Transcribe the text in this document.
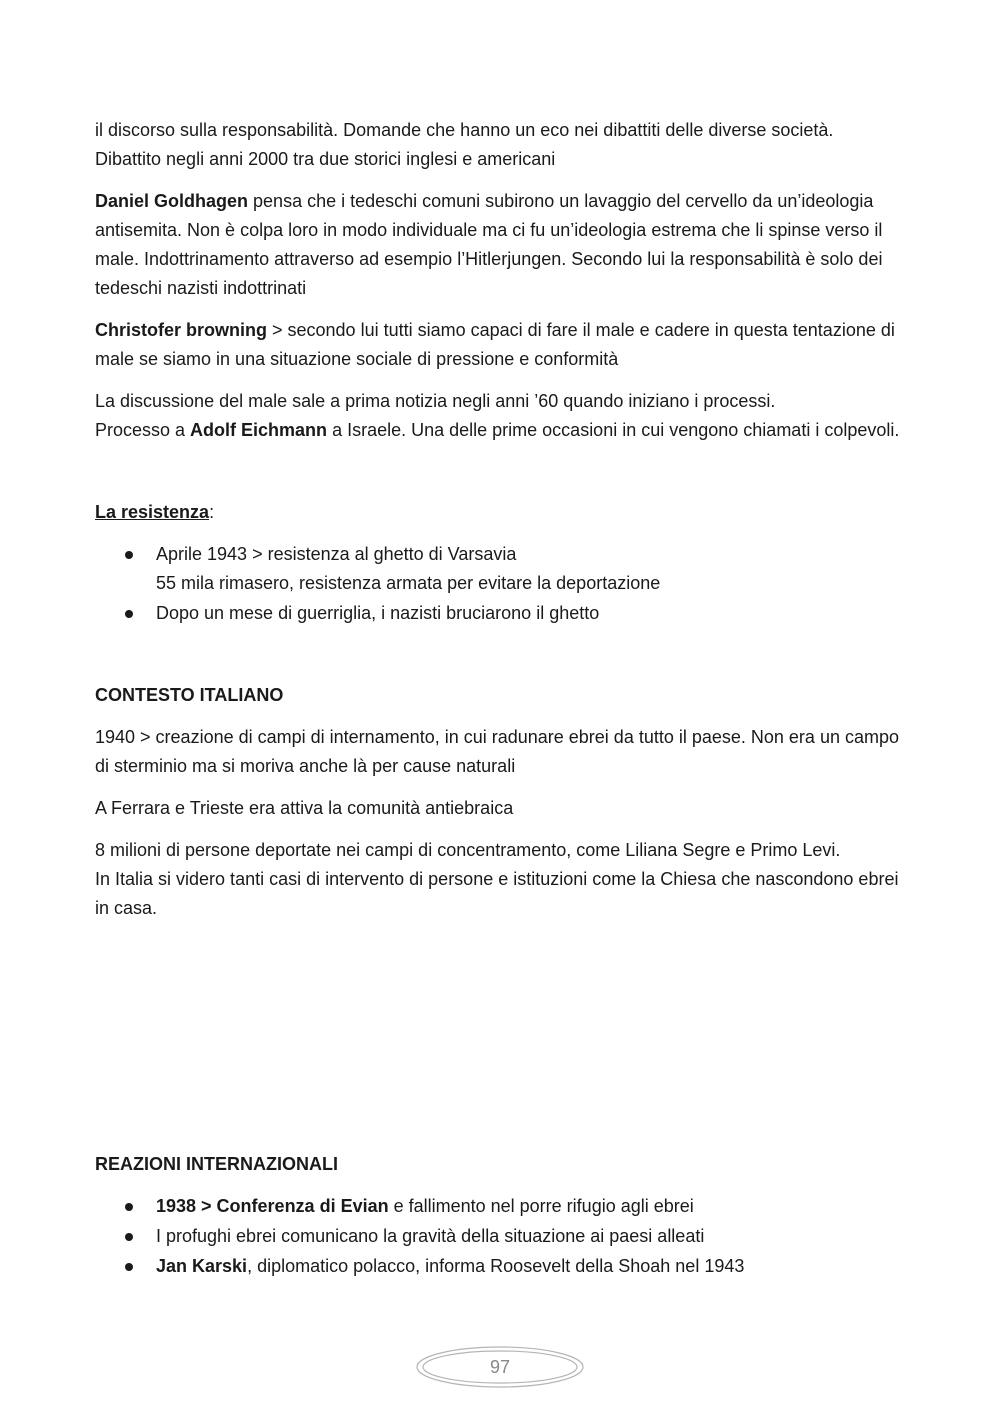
il discorso sulla responsabilità. Domande che hanno un eco nei dibattiti delle diverse società.
Dibattito negli anni 2000 tra due storici inglesi e americani

Daniel Goldhagen pensa che i tedeschi comuni subirono un lavaggio del cervello da un’ideologia antisemita. Non è colpa loro in modo individuale ma ci fu un’ideologia estrema che li spinse verso il male. Indottrinamento attraverso ad esempio l’Hitlerjungen. Secondo lui la responsabilità è solo dei tedeschi nazisti indottrinati

Christofer browning > secondo lui tutti siamo capaci di fare il male e cadere in questa tentazione di male se siamo in una situazione sociale di pressione e conformità

La discussione del male sale a prima notizia negli anni ’60 quando iniziano i processi.
Processo a Adolf Eichmann a Israele. Una delle prime occasioni in cui vengono chiamati i colpevoli.

La resistenza:

Aprile 1943 > resistenza al ghetto di Varsavia
55 mila rimasero, resistenza armata per evitare la deportazione
Dopo un mese di guerriglia, i nazisti bruciarono il ghetto
CONTESTO ITALIANO

1940 > creazione di campi di internamento, in cui radunare ebrei da tutto il paese. Non era un campo di sterminio ma si moriva anche là per cause naturali

A Ferrara e Trieste era attiva la comunità antiebraica

8 milioni di persone deportate nei campi di concentramento, come Liliana Segre e Primo Levi.
In Italia si videro tanti casi di intervento di persone e istituzioni come la Chiesa che nascondono ebrei in casa.

REAZIONI INTERNAZIONALI
1938 > Conferenza di Evian e fallimento nel porre rifugio agli ebrei
I profughi ebrei comunicano la gravità della situazione ai paesi alleati
Jan Karski, diplomatico polacco, informa Roosevelt della Shoah nel 1943
97
